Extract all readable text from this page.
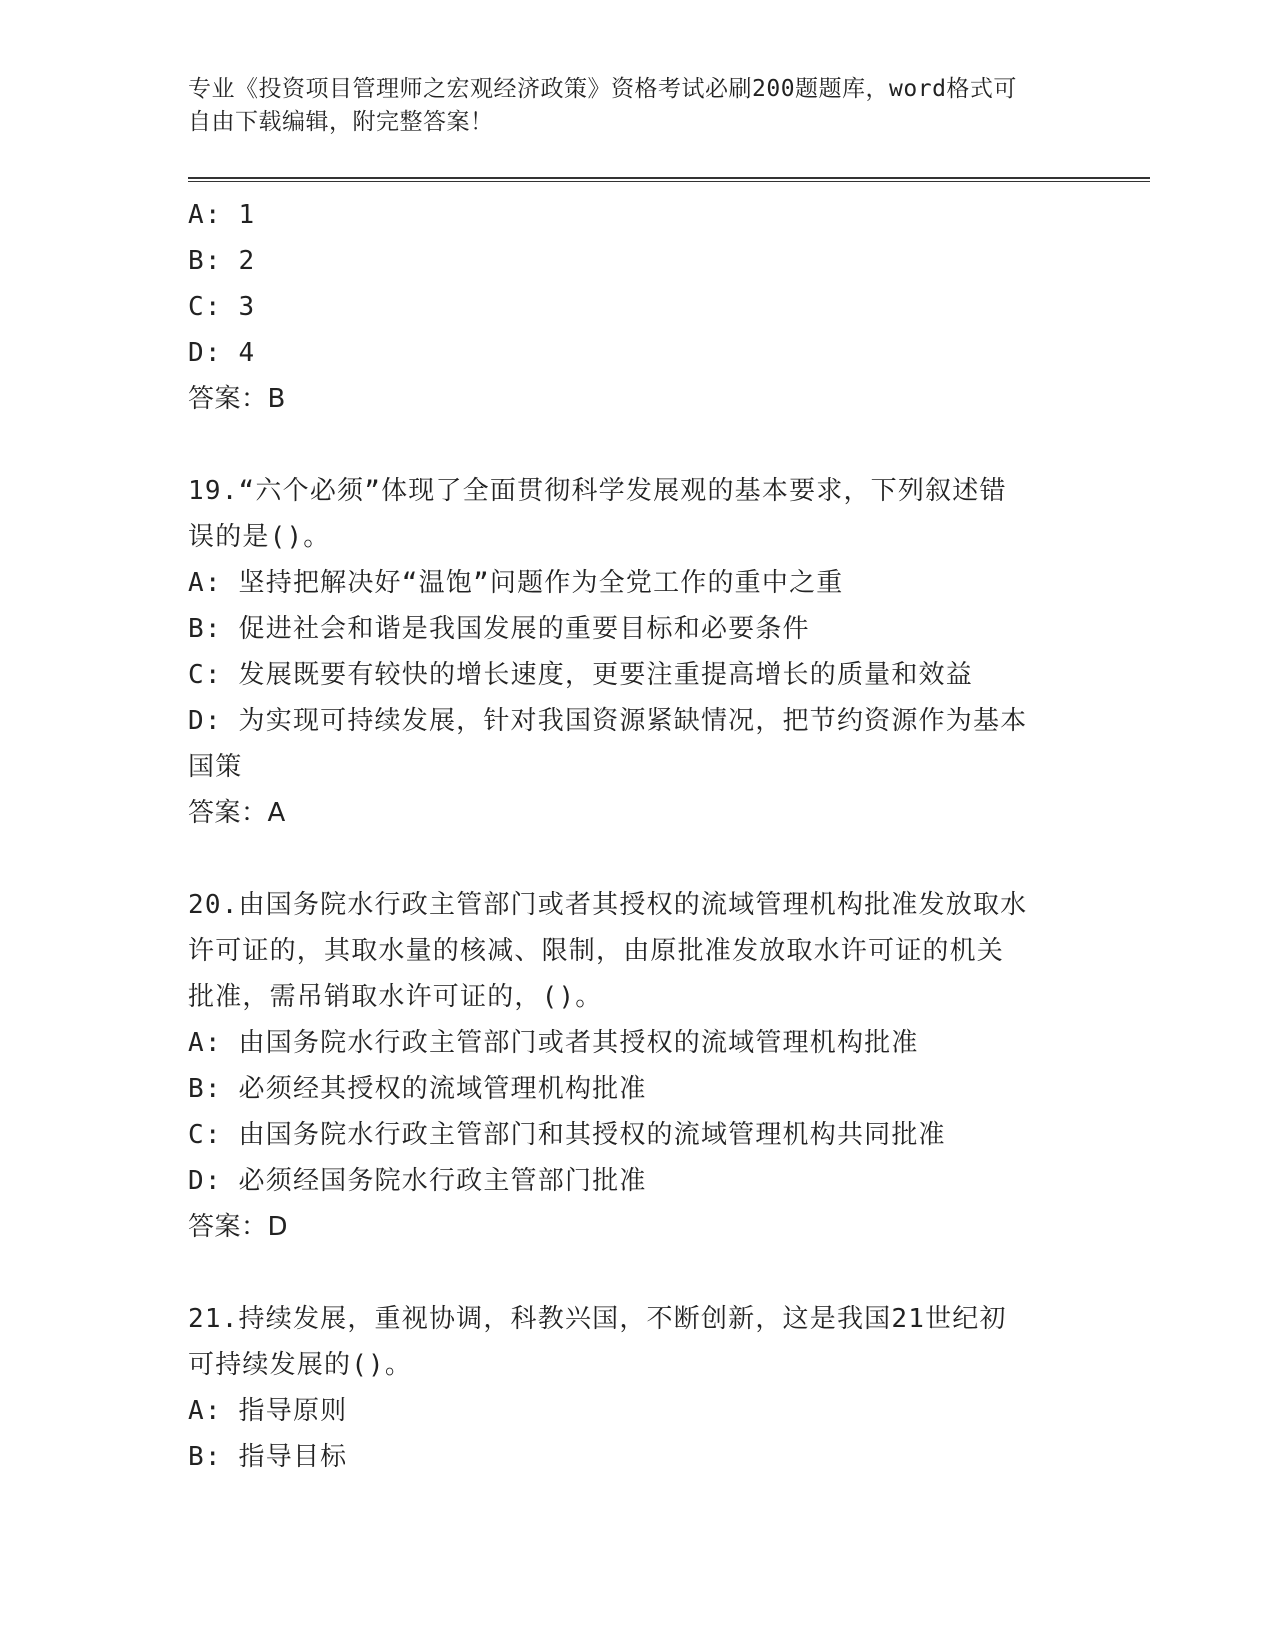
专业《投资项目管理师之宏观经济政策》资格考试必刷200题题库，word格式可
自由下载编辑，附完整答案！
A: 1
B: 2
C: 3
D: 4
答案：B
19.“六个必须”体现了全面贯彻科学发展观的基本要求，下列叙述错
误的是()。
A: 坚持把解决好“温饱”问题作为全党工作的重中之重
B: 促进社会和谐是我国发展的重要目标和必要条件
C: 发展既要有较快的增长速度，更要注重提高增长的质量和效益
D: 为实现可持续发展，针对我国资源紧缺情况，把节约资源作为基本
国策
答案：A
20.由国务院水行政主管部门或者其授权的流域管理机构批准发放取水
许可证的，其取水量的核减、限制，由原批准发放取水许可证的机关
批准，需吊销取水许可证的，()。
A: 由国务院水行政主管部门或者其授权的流域管理机构批准
B: 必须经其授权的流域管理机构批准
C: 由国务院水行政主管部门和其授权的流域管理机构共同批准
D: 必须经国务院水行政主管部门批准
答案：D
21.持续发展，重视协调，科教兴国，不断创新，这是我国21世纪初
可持续发展的()。
A: 指导原则
B: 指导目标
